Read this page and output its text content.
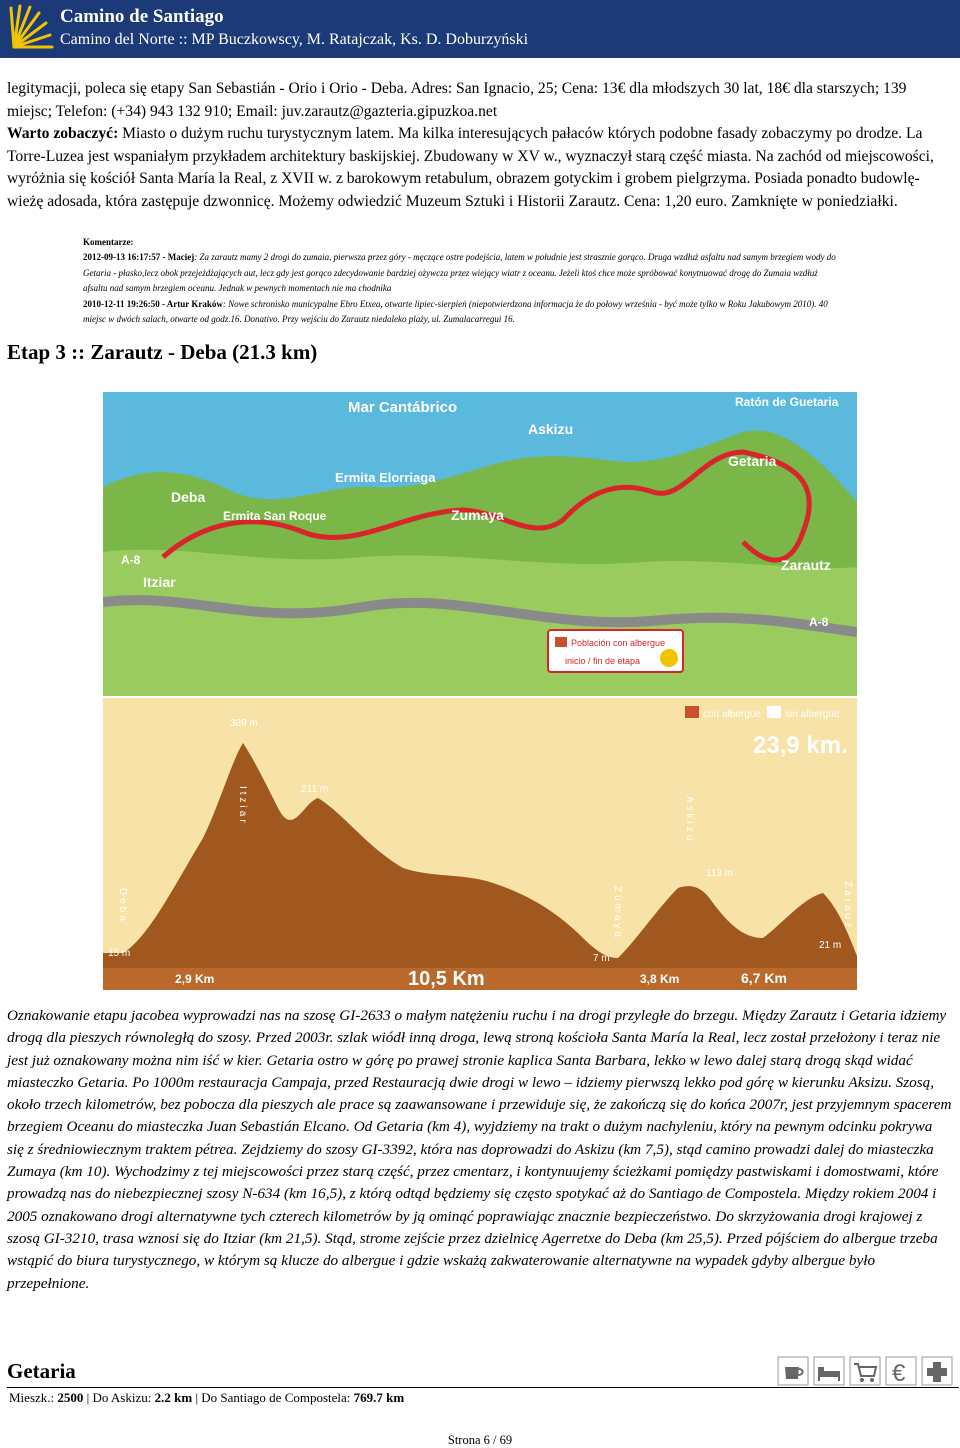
Camino de Santiago
Camino del Norte :: MP Buczkowscy, M. Ratajczak, Ks. D. Doburzyński

legitymacji, poleca się etapy San Sebastián - Orio i Orio - Deba. Adres: San Ignacio, 25; Cena: 13€ dla młodszych 30 lat, 18€ dla starszych; 139 miejsc; Telefon: (+34) 943 132 910; Email: juv.zarautz@gazteria.gipuzkoa.net
Warto zobaczyć: Miasto o dużym ruchu turystycznym latem. Ma kilka interesujących pałaców których podobne fasady zobaczymy po drodze. La Torre-Luzea jest wspaniałym przykładem architektury baskijskiej. Zbudowany w XV w., wyznaczył starą część miasta. Na zachód od miejscowości, wyróżnia się kościół Santa María la Real, z XVII w. z barokowym retabulum, obrazem gotyckim i grobem pielgrzyma. Posiada ponadto budowlę-wieżę adosada, która zastępuje dzwonnicę. Możemy odwiedzić Muzeum Sztuki i Historii Zarautz. Cena: 1,20 euro. Zamknięte w poniedziałki.

Komentarze:
2012-09-13 16:17:57 - Maciej: Za zarautz mamy 2 drogi do zumaia, pierwsza przez góry - męczące ostre podejścia, latem w południe jest strasznie gorąco. Druga wzdłuż asfaltu nad samym brzegiem wody do Getaria - płasko,lecz obok przejeżdżających aut, lecz gdy jest gorąco zdecydowanie bardziej ożywcza przez wiejący wiatr z oceanu. Jeżeli ktoś chce może spróbować konytnuować drogę do Zumaia wzdłuż afsaltu nad samym brzegiem oceanu. Jednak w pewnych momentach nie ma chodnika
2010-12-11 19:26:50 - Artur Kraków: Nowe schronisko municypalne Ebro Etxea, otwarte lipiec-sierpień (niepotwierdzona informacja że do połowy września - być może tylko w Roku Jakubowym 2010). 40 miejsc w dwóch salach, otwarte od godz.16. Donativo. Przy wejściu do Zarautz niedaleko plaży, ul. Zumalacarregui 16.
Etap 3 :: Zarautz - Deba (21.3 km)
Mar Cantábrico	Ratón de Guetaria
Askizu
Getaria
Ermita Elorriaga
Deba
Zumaya
Ermita San Roque
A-8
Itziar
Zarautz
A-8
Población con albergue
inicio / fin de etapa
con albergue sin albergue
23,9 km.
389 m
211 m
113 m
15 m	7 m
21 m
Itziar
Deba
Askizu
Zumaya	Zarauz
2,9 Km	10,5 Km	3,8 Km	6,7 Km

Oznakowanie etapu jacobea wyprowadzi nas na szosę GI-2633 o małym natężeniu ruchu i na drogi przyległe do brzegu. Między Zarautz i Getaria idziemy drogą dla pieszych równoległą do szosy. Przed 2003r. szlak wiódł inną droga, lewą stroną kościoła Santa María la Real, lecz został przełożony i teraz nie jest już oznakowany można nim iść w kier. Getaria ostro w górę po prawej stronie kaplica Santa Barbara, lekko w lewo dalej starą drogą skąd widać miasteczko Getaria. Po 1000m restauracja Campaja, przed Restauracją dwie drogi w lewo – idziemy pierwszą lekko pod górę w kierunku Aksizu. Szosą, około trzech kilometrów, bez pobocza dla pieszych ale prace są zaawansowane i przewiduje się, że zakończą się do końca 2007r, jest przyjemnym spacerem brzegiem Oceanu do miasteczka Juan Sebastián Elcano. Od Getaria (km 4), wyjdziemy na trakt o dużym nachyleniu, który na pewnym odcinku pokrywa się z średniowiecznym traktem pétrea. Zejdziemy do szosy GI-3392, która nas doprowadzi do Askizu (km 7,5), stąd camino prowadzi dalej do miasteczka Zumaya (km 10). Wychodzimy z tej miejscowości przez starą część, przez cmentarz, i kontynuujemy ścieżkami pomiędzy pastwiskami i domostwami, które prowadzą nas do niebezpiecznej szosy N-634 (km 16,5), z którą odtąd będziemy się często spotykać aż do Santiago de Compostela. Między rokiem 2004 i 2005 oznakowano drogi alternatywne tych czterech kilometrów by ją ominąć poprawiając znacznie bezpieczeństwo. Do skrzyżowania drogi krajowej z szosą GI-3210, trasa wznosi się do Itziar (km 21,5). Stąd, strome zejście przez dzielnicę Agerretxe do Deba (km 25,5). Przed pójściem do albergue trzeba wstąpić do biura turystycznego, w którym są klucze do albergue i gdzie wskażą zakwaterowanie alternatywne na wypadek gdyby albergue było przepełnione.

Getaria	€
Mieszk.: 2500 | Do Askizu: 2.2 km | Do Santiago de Compostela: 769.7 km
Strona 6 / 69
